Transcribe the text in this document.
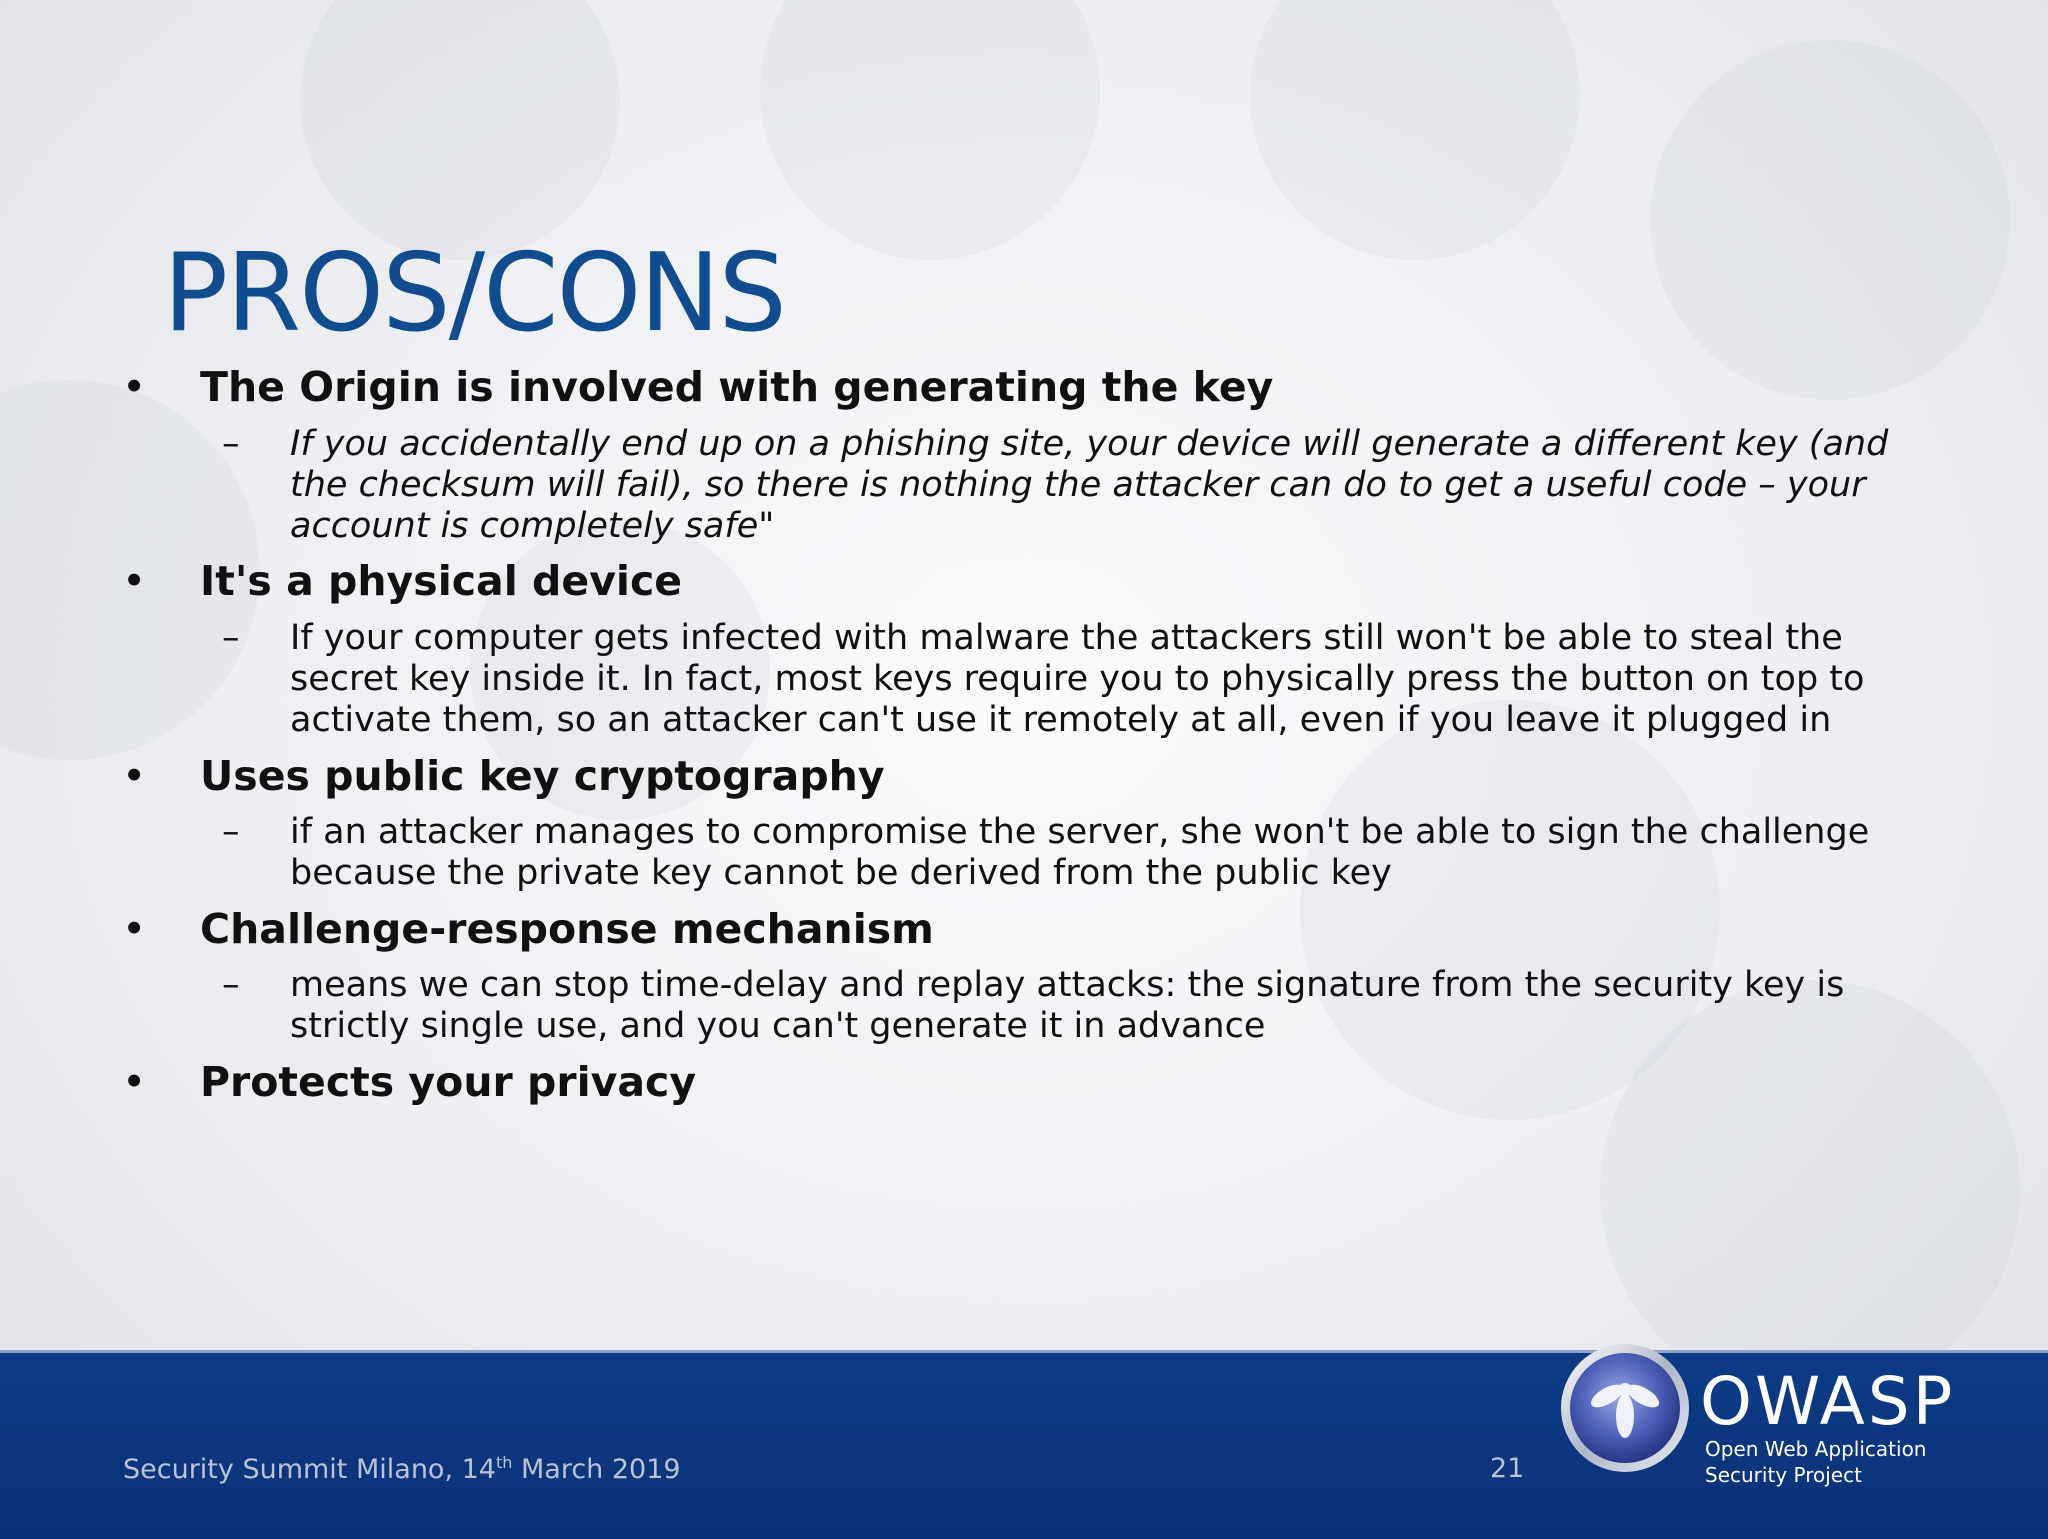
PROS/CONS
• The Origin is involved with generating the key
– If you accidentally end up on a phishing site, your device will generate a different key (and the checksum will fail), so there is nothing the attacker can do to get a useful code – your account is completely safe"
• It's a physical device
– If your computer gets infected with malware the attackers still won't be able to steal the secret key inside it. In fact, most keys require you to physically press the button on top to activate them, so an attacker can't use it remotely at all, even if you leave it plugged in
• Uses public key cryptography
– if an attacker manages to compromise the server, she won't be able to sign the challenge because the private key cannot be derived from the public key
• Challenge-response mechanism
– means we can stop time-delay and replay attacks: the signature from the security key is strictly single use, and you can't generate it in advance
• Protects your privacy
Security Summit Milano, 14th March 2019	21
OWASP
Open Web Application
Security Project
